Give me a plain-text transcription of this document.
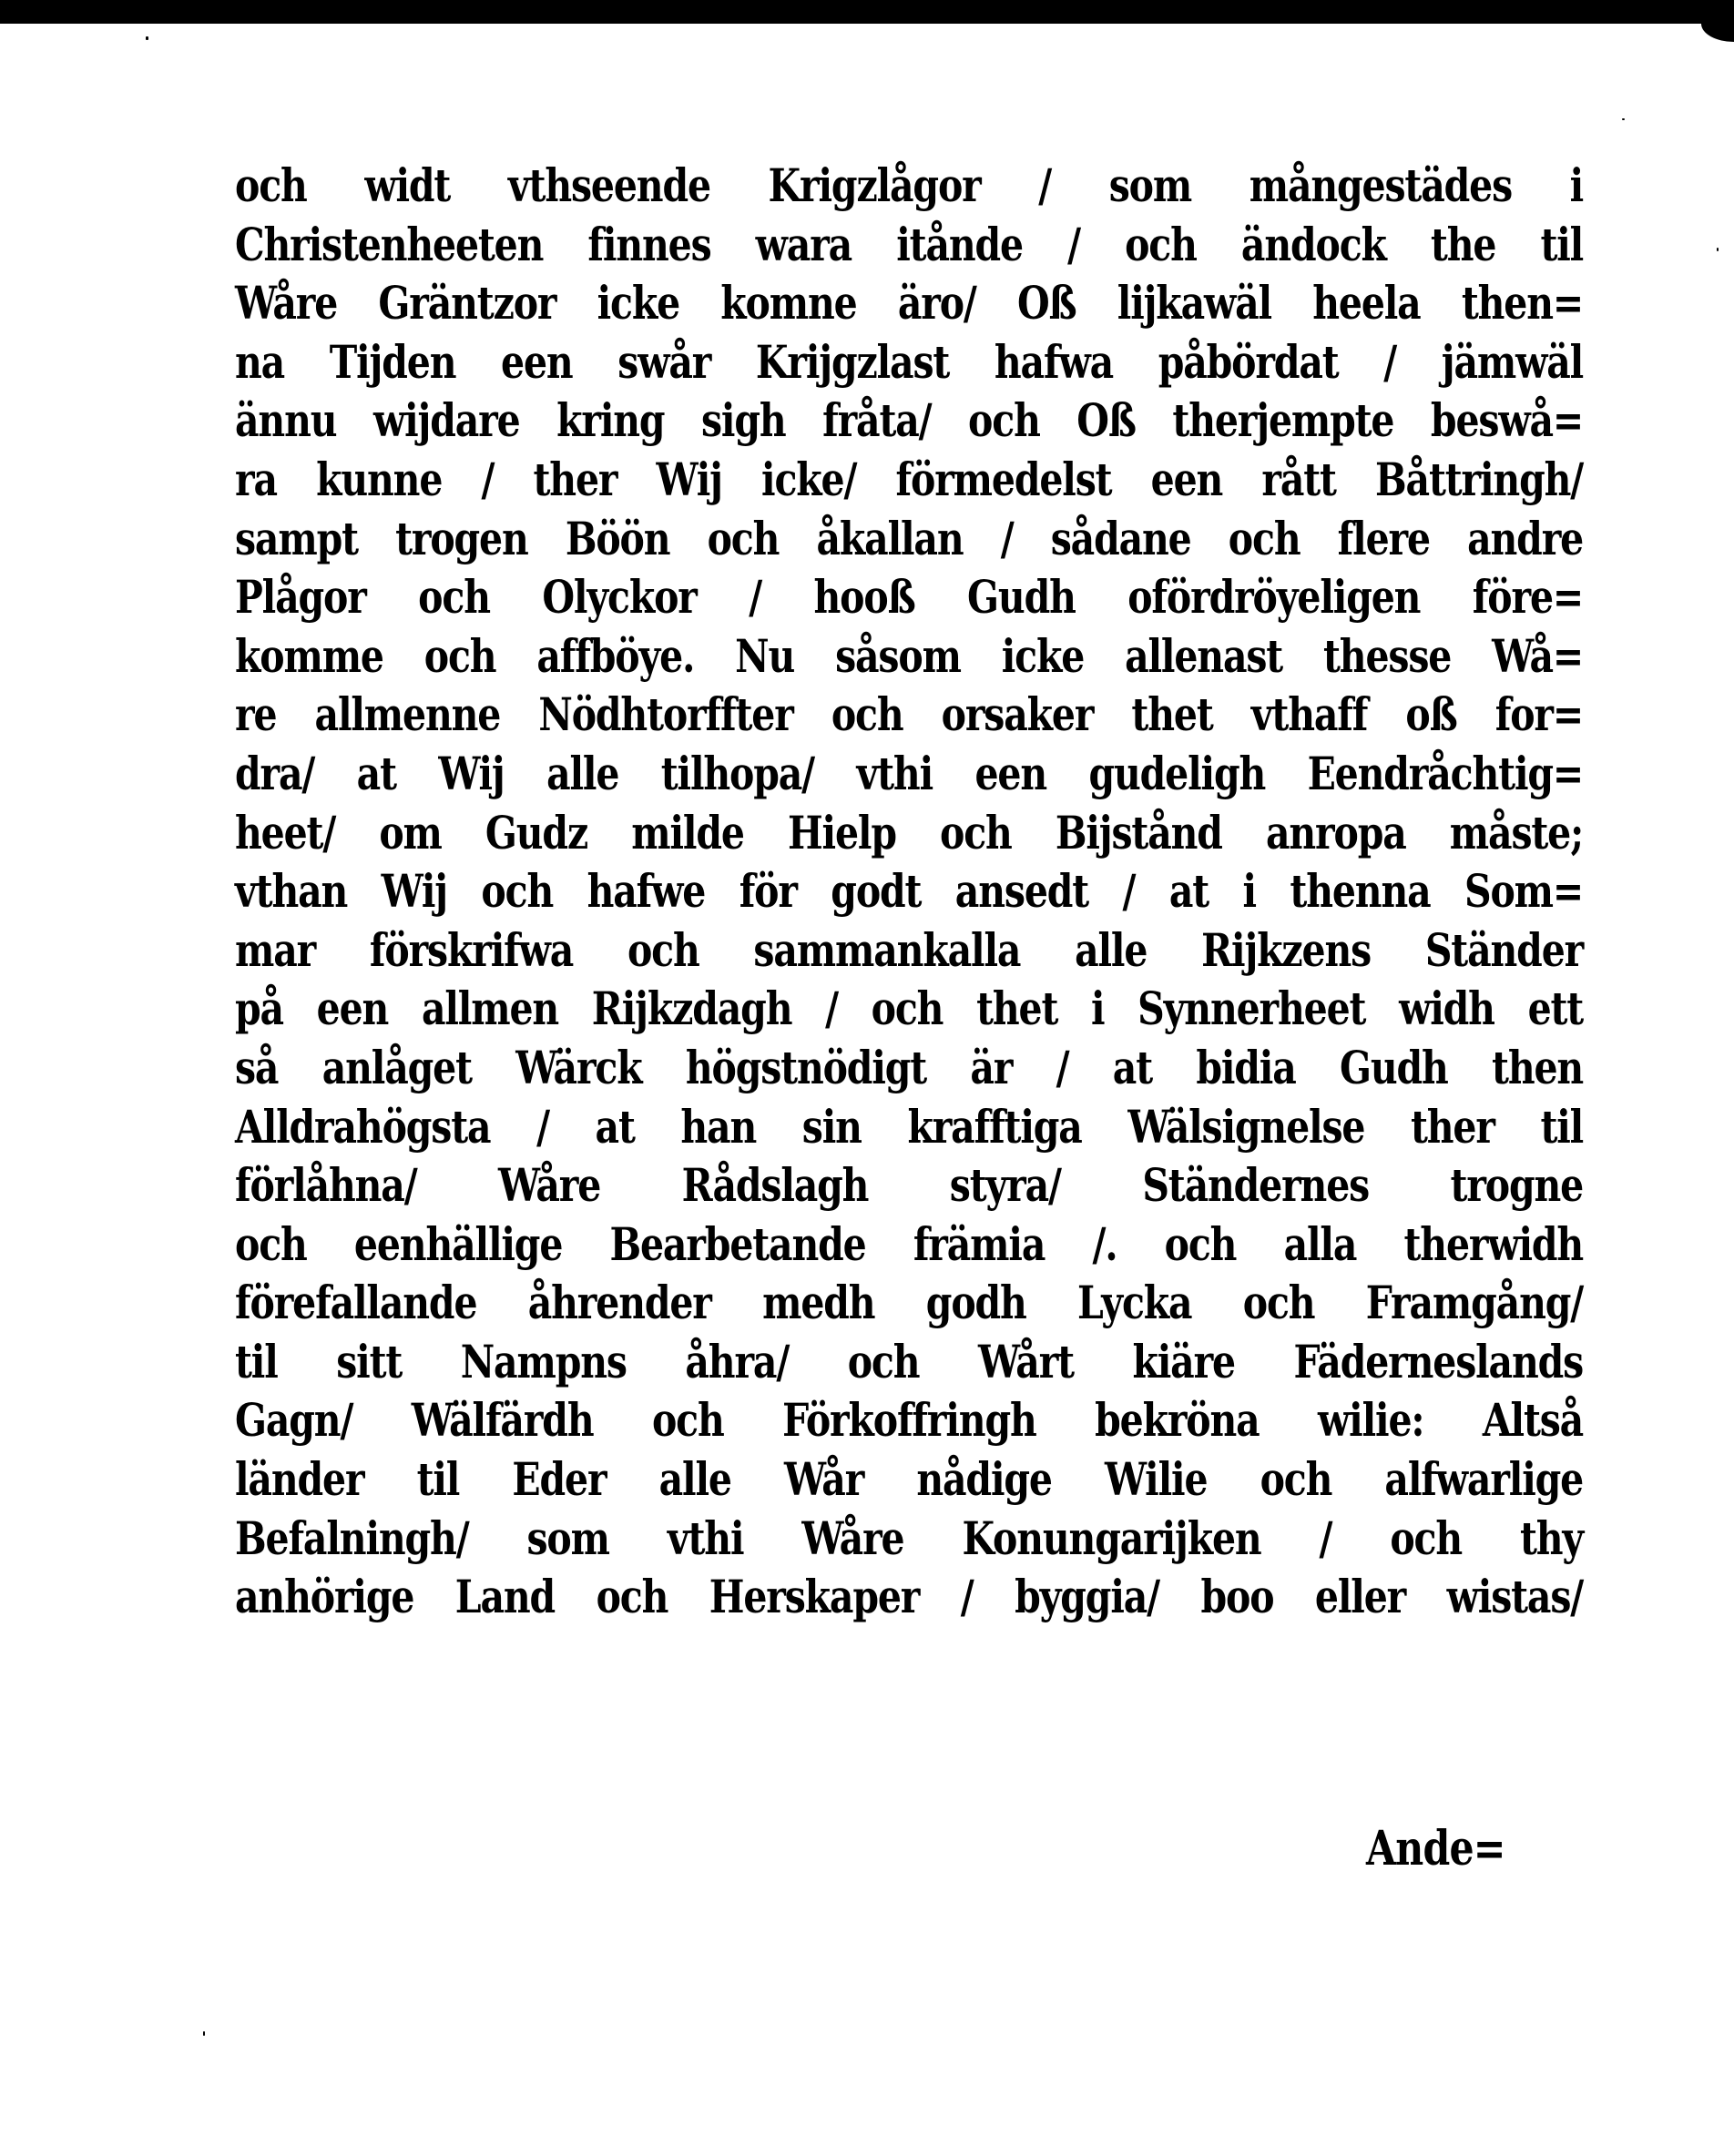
och widt vthseende Krigzlågor / som mångestädes i
Christenheeten finnes wara itånde / och ändock the til
Wåre Gräntzor icke komne äro/ Oß lijkawäl heela then=
na Tijden een swår Krijgzlast hafwa påbördat / jämwäl
ännu wijdare kring sigh fråta/ och Oß therjempte beswå=
ra kunne / ther Wij icke/ förmedelst een rått Båttringh/
sampt trogen Böön och åkallan / sådane och flere andre
Plågor och Olyckor / hooß Gudh ofördröyeligen före=
komme och affböye. Nu såsom icke allenast thesse Wå=
re allmenne Nödhtorffter och orsaker thet vthaff oß for=
dra/ at Wij alle tilhopa/ vthi een gudeligh Eendråchtig=
heet/ om Gudz milde Hielp och Bijstånd anropa måste;
vthan Wij och hafwe för godt ansedt / at i thenna Som=
mar förskrifwa och sammankalla alle Rijkzens Ständer
på een allmen Rijkzdagh / och thet i Synnerheet widh ett
så anlåget Wärck högstnödigt är / at bidia Gudh then
Alldrahögsta / at han sin krafftiga Wälsignelse ther til
förlåhna/ Wåre Rådslagh styra/ Ständernes trogne
och eenhällige Bearbetande främia /. och alla therwidh
förefallande åhrender medh godh Lycka och Framgång/
til sitt Nampns åhra/ och Wårt kiäre Fäderneslands
Gagn/ Wälfärdh och Förkoffringh bekröna wilie: Altså
länder til Eder alle Wår nådige Wilie och alfwarlige
Befalningh/ som vthi Wåre Konungarijken / och thy
anhörige Land och Herskaper / byggia/ boo eller wistas/
Ande=
